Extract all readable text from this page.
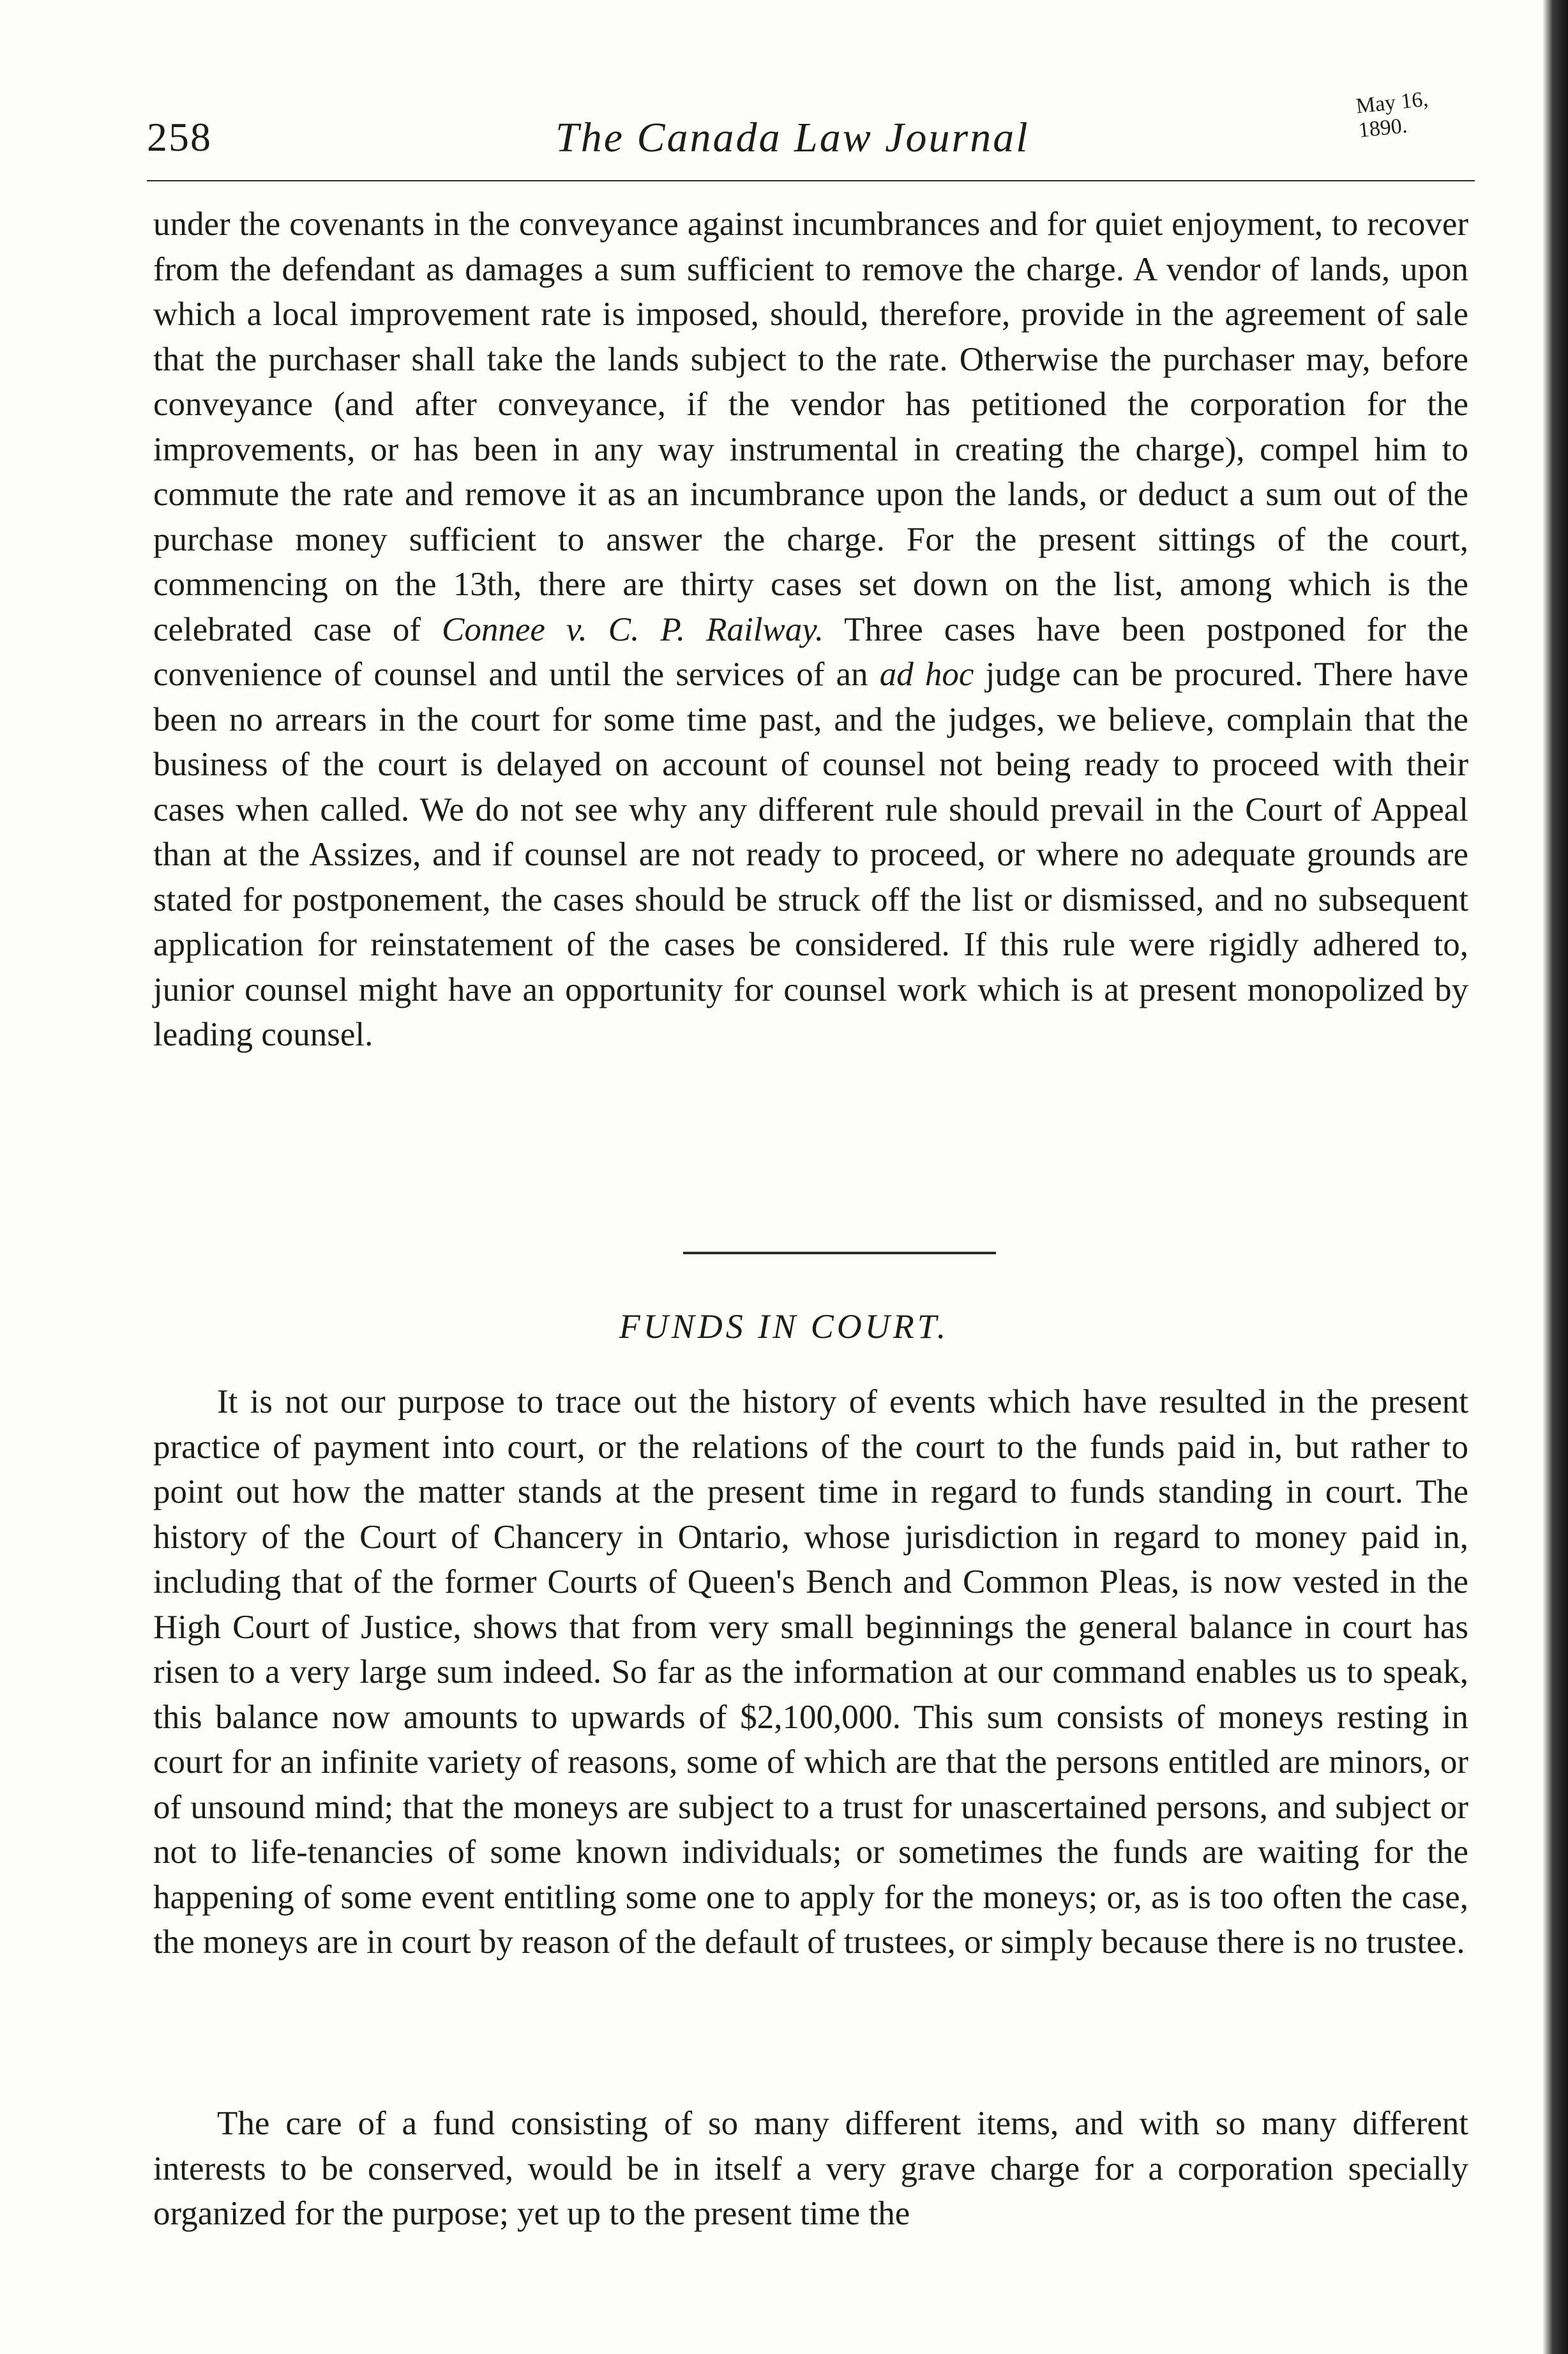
258	The Canada Law Journal
May 16, 1890.

under the covenants in the conveyance against incumbrances and for quiet enjoyment, to recover from the defendant as damages a sum sufficient to remove the charge. A vendor of lands, upon which a local improvement rate is imposed, should, therefore, provide in the agreement of sale that the purchaser shall take the lands subject to the rate. Otherwise the purchaser may, before conveyance (and after conveyance, if the vendor has petitioned the corporation for the improvements, or has been in any way instrumental in creating the charge), compel him to commute the rate and remove it as an incumbrance upon the lands, or deduct a sum out of the purchase money sufficient to answer the charge. For the present sittings of the court, commencing on the 13th, there are thirty cases set down on the list, among which is the celebrated case of Connee v. C. P. Railway. Three cases have been postponed for the convenience of counsel and until the services of an ad hoc judge can be procured. There have been no arrears in the court for some time past, and the judges, we believe, complain that the business of the court is delayed on account of counsel not being ready to proceed with their cases when called. We do not see why any different rule should prevail in the Court of Appeal than at the Assizes, and if counsel are not ready to proceed, or where no adequate grounds are stated for postponement, the cases should be struck off the list or dismissed, and no subsequent application for reinstatement of the cases be considered. If this rule were rigidly adhered to, junior counsel might have an opportunity for counsel work which is at present monopolized by leading counsel.

FUNDS IN COURT.

It is not our purpose to trace out the history of events which have resulted in the present practice of payment into court, or the relations of the court to the funds paid in, but rather to point out how the matter stands at the present time in regard to funds standing in court. The history of the Court of Chancery in Ontario, whose jurisdiction in regard to money paid in, including that of the former Courts of Queen's Bench and Common Pleas, is now vested in the High Court of Justice, shows that from very small beginnings the general balance in court has risen to a very large sum indeed. So far as the information at our command enables us to speak, this balance now amounts to upwards of $2,100,000. This sum consists of moneys resting in court for an infinite variety of reasons, some of which are that the persons entitled are minors, or of unsound mind; that the moneys are subject to a trust for unascertained persons, and subject or not to life-tenancies of some known individuals; or sometimes the funds are waiting for the happening of some event entitling some one to apply for the moneys; or, as is too often the case, the moneys are in court by reason of the default of trustees, or simply because there is no trustee.

The care of a fund consisting of so many different items, and with so many different interests to be conserved, would be in itself a very grave charge for a corporation specially organized for the purpose; yet up to the present time the
